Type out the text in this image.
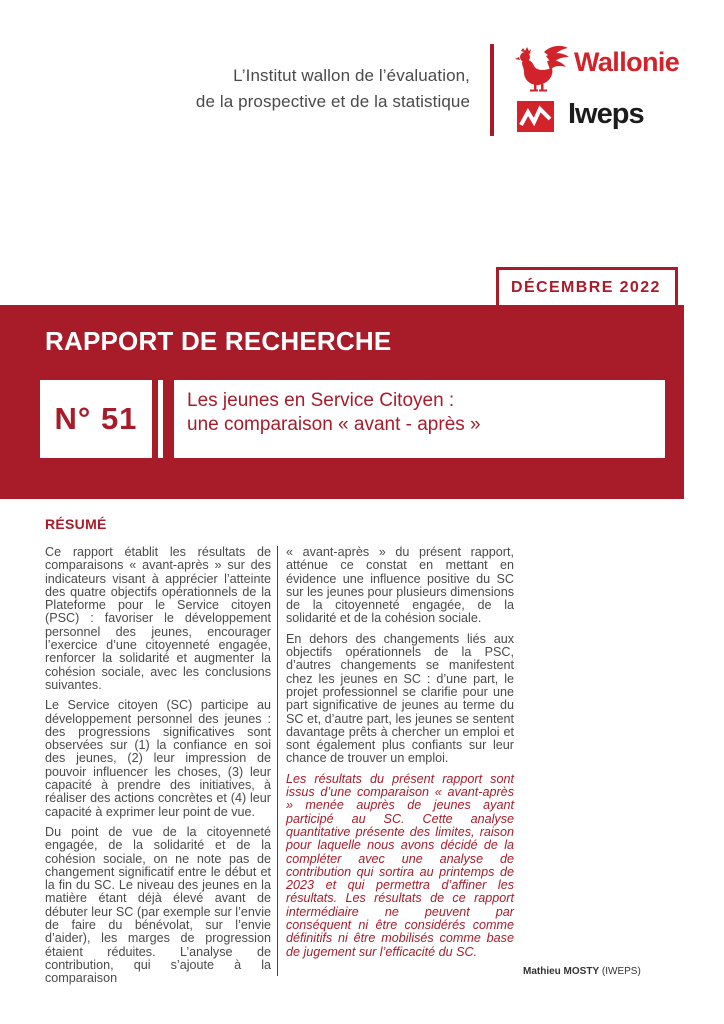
L’Institut wallon de l’évaluation,
de la prospective et de la statistique
Wallonie
Iweps
DÉCEMBRE 2022
RAPPORT DE RECHERCHE
N° 51
Les jeunes en Service Citoyen :
une comparaison « avant - après »
RÉSUMÉ

Ce rapport établit les résultats de comparaisons « avant-après » sur des indicateurs visant à apprécier l’atteinte des quatre objectifs opérationnels de la Plateforme pour le Service citoyen (PSC) : favoriser le développement personnel des jeunes, encourager l’exercice d’une citoyenneté engagée, renforcer la solidarité et augmenter la cohésion sociale, avec les conclusions suivantes.

Le Service citoyen (SC) participe au développement personnel des jeunes : des progressions significatives sont observées sur (1) la confiance en soi des jeunes, (2) leur impression de pouvoir influencer les choses, (3) leur capacité à prendre des initiatives, à réaliser des actions concrètes et (4) leur capacité à exprimer leur point de vue.

Du point de vue de la citoyenneté engagée, de la solidarité et de la cohésion sociale, on ne note pas de changement significatif entre le début et la fin du SC. Le niveau des jeunes en la matière étant déjà élevé avant de débuter leur SC (par exemple sur l’envie de faire du bénévolat, sur l’envie d’aider), les marges de progression étaient réduites. L’analyse de contribution, qui s’ajoute à la comparaison

« avant-après » du présent rapport, atténue ce constat en mettant en évidence une influence positive du SC sur les jeunes pour plusieurs dimensions de la citoyenneté engagée, de la solidarité et de la cohésion sociale.

En dehors des changements liés aux objectifs opérationnels de la PSC, d’autres changements se manifestent chez les jeunes en SC : d’une part, le projet professionnel se clarifie pour une part significative de jeunes au terme du SC et, d’autre part, les jeunes se sentent davantage prêts à chercher un emploi et sont également plus confiants sur leur chance de trouver un emploi.

Les résultats du présent rapport sont issus d’une comparaison « avant-après » menée auprès de jeunes ayant participé au SC. Cette analyse quantitative présente des limites, raison pour laquelle nous avons décidé de la compléter avec une analyse de contribution qui sortira au printemps de 2023 et qui permettra d’affiner les résultats. Les résultats de ce rapport intermédiaire ne peuvent par conséquent ni être considérés comme définitifs ni être mobilisés comme base de jugement sur l’efficacité du SC.

Mathieu MOSTY (IWEPS)
